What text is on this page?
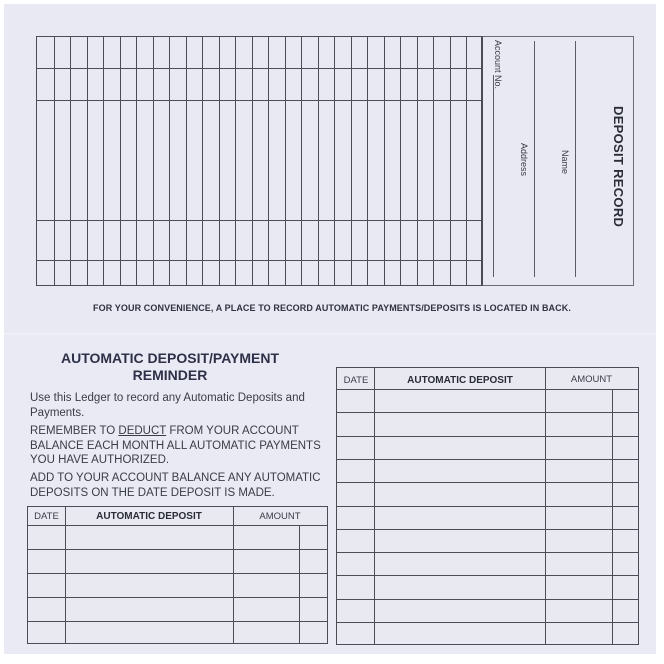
Account No.
Address	Name	DEPOSIT RECORD
FOR YOUR CONVENIENCE, A PLACE TO RECORD AUTOMATIC PAYMENTS/DEPOSITS IS LOCATED IN BACK.
AUTOMATIC DEPOSIT/PAYMENT
REMINDER
Use this Ledger to record any Automatic Deposits and Payments.
REMEMBER TO DEDUCT FROM YOUR ACCOUNT BALANCE EACH MONTH ALL AUTOMATIC PAYMENTS YOU HAVE AUTHORIZED.
ADD TO YOUR ACCOUNT BALANCE ANY AUTOMATIC DEPOSITS ON THE DATE DEPOSIT IS MADE.
DATE	AUTOMATIC DEPOSIT	AMOUNT
DATE	AUTOMATIC DEPOSIT	AMOUNT
